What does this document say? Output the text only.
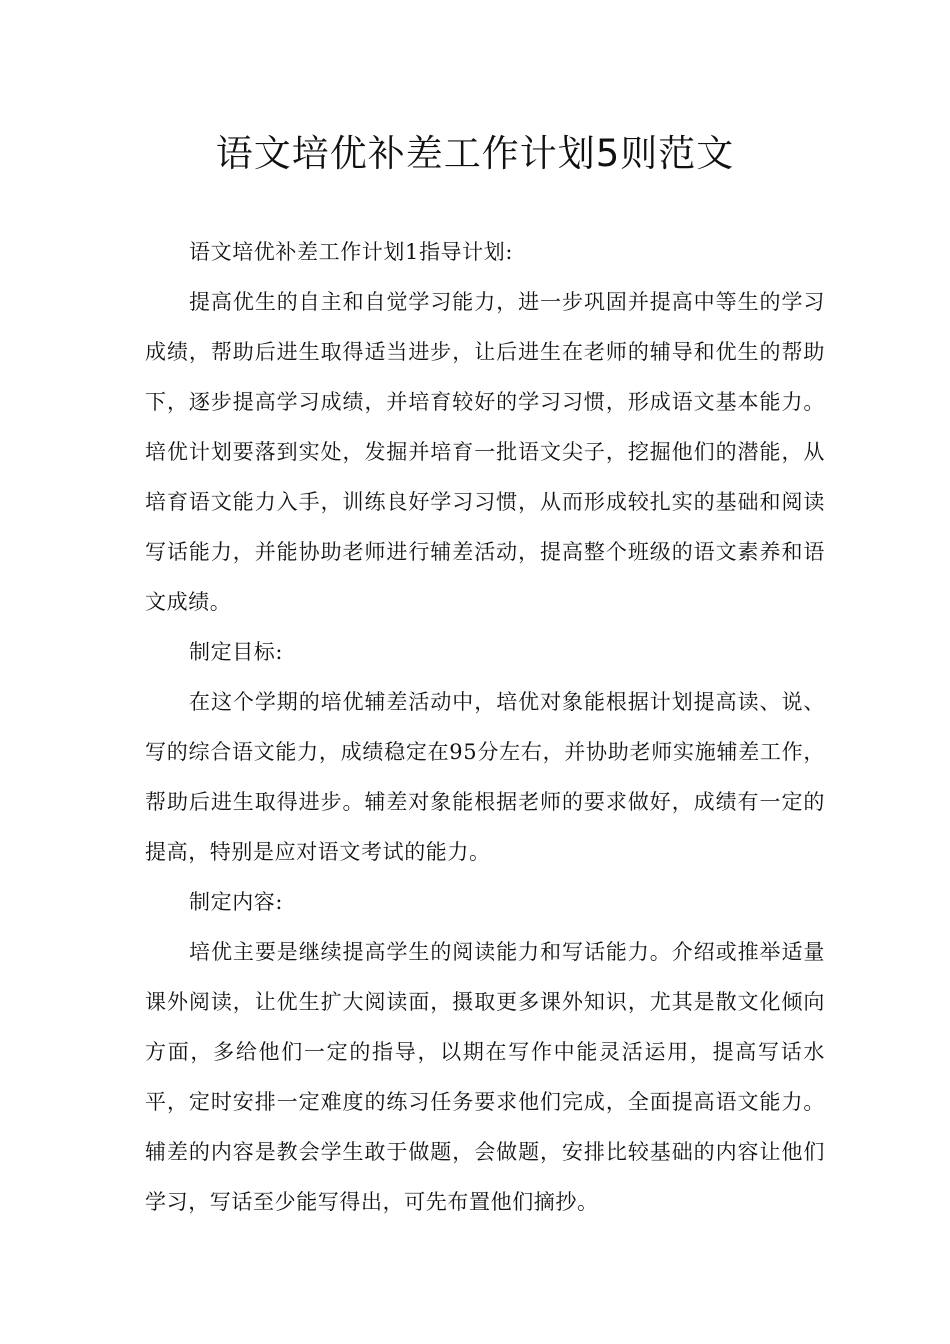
语文培优补差工作计划5则范文

语文培优补差工作计划1指导计划:

提高优生的自主和自觉学习能力，进一步巩固并提高中等生的学习成绩，帮助后进生取得适当进步，让后进生在老师的辅导和优生的帮助下，逐步提高学习成绩，并培育较好的学习习惯，形成语文基本能力。培优计划要落到实处，发掘并培育一批语文尖子，挖掘他们的潜能，从培育语文能力入手，训练良好学习习惯，从而形成较扎实的基础和阅读写话能力，并能协助老师进行辅差活动，提高整个班级的语文素养和语文成绩。

制定目标:

在这个学期的培优辅差活动中，培优对象能根据计划提高读、说、写的综合语文能力，成绩稳定在95分左右，并协助老师实施辅差工作，帮助后进生取得进步。辅差对象能根据老师的要求做好，成绩有一定的提高，特别是应对语文考试的能力。

制定内容:

培优主要是继续提高学生的阅读能力和写话能力。介绍或推举适量课外阅读，让优生扩大阅读面，摄取更多课外知识，尤其是散文化倾向方面，多给他们一定的指导，以期在写作中能灵活运用，提高写话水平，定时安排一定难度的练习任务要求他们完成，全面提高语文能力。辅差的内容是教会学生敢于做题，会做题，安排比较基础的内容让他们学习，写话至少能写得出，可先布置他们摘抄。
